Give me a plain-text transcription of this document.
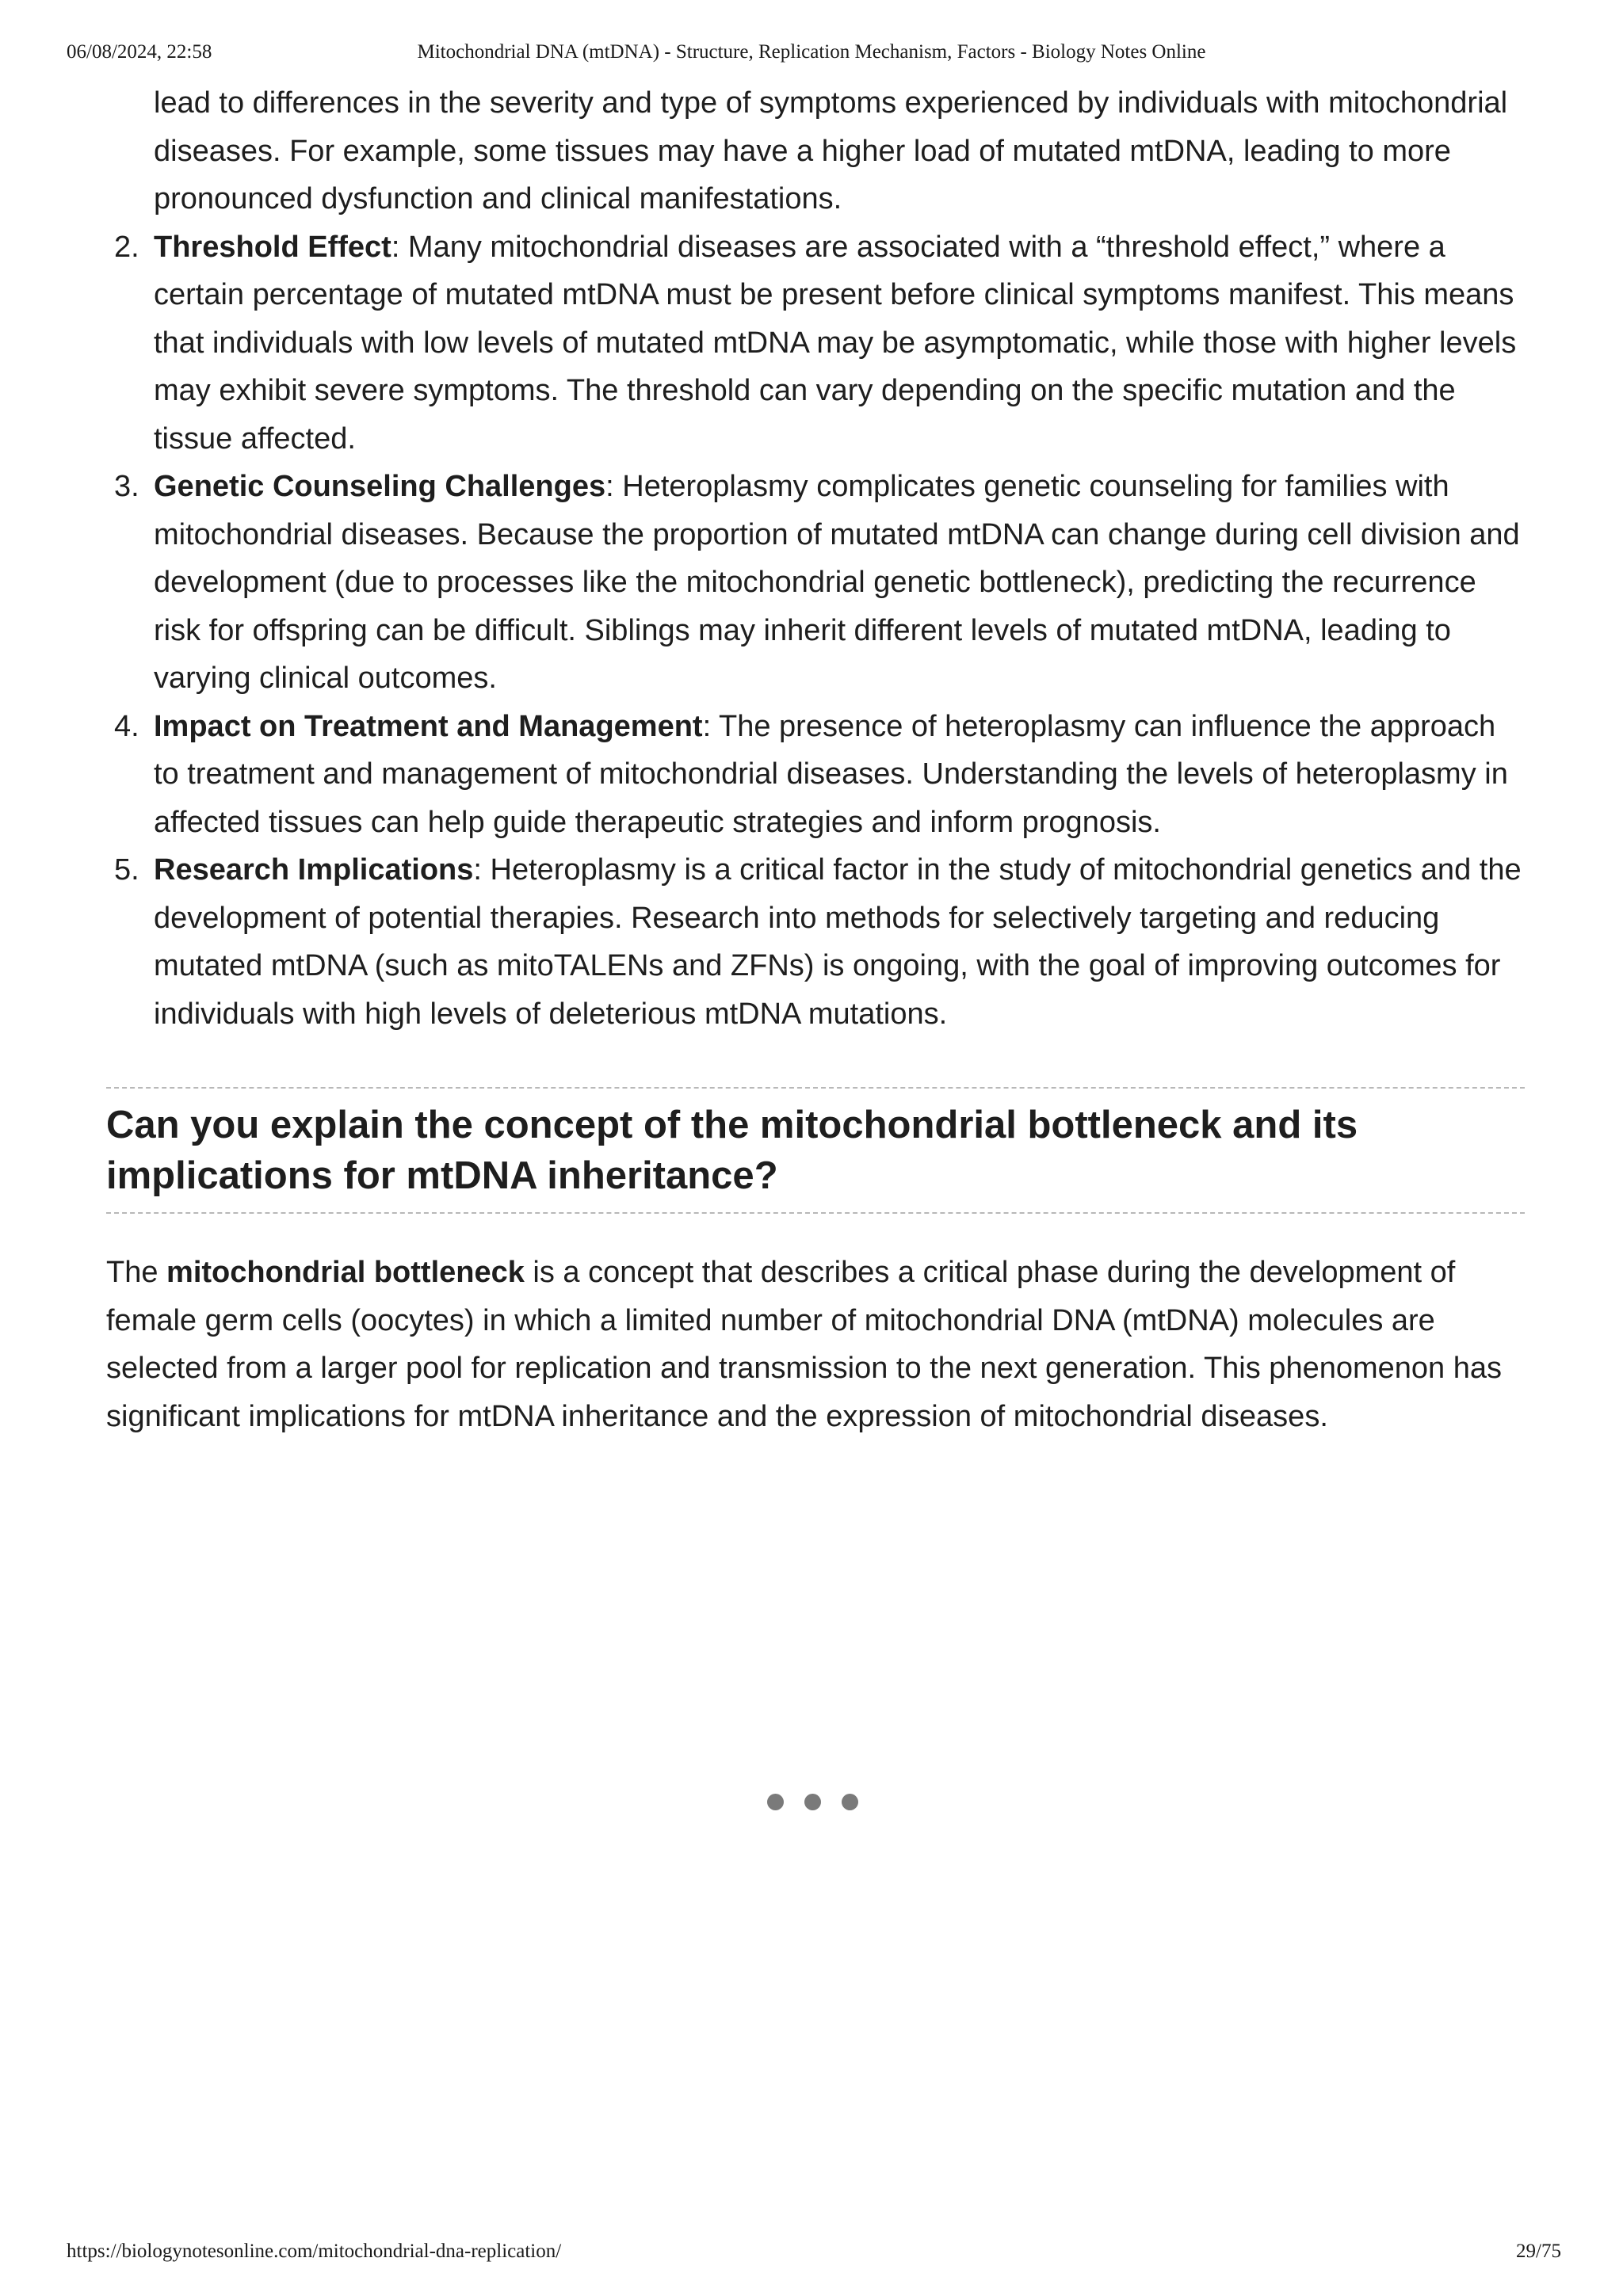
06/08/2024, 22:58	Mitochondrial DNA (mtDNA) - Structure, Replication Mechanism, Factors - Biology Notes Online
lead to differences in the severity and type of symptoms experienced by individuals with mitochondrial diseases. For example, some tissues may have a higher load of mutated mtDNA, leading to more pronounced dysfunction and clinical manifestations.
2. Threshold Effect: Many mitochondrial diseases are associated with a “threshold effect,” where a certain percentage of mutated mtDNA must be present before clinical symptoms manifest. This means that individuals with low levels of mutated mtDNA may be asymptomatic, while those with higher levels may exhibit severe symptoms. The threshold can vary depending on the specific mutation and the tissue affected.
3. Genetic Counseling Challenges: Heteroplasmy complicates genetic counseling for families with mitochondrial diseases. Because the proportion of mutated mtDNA can change during cell division and development (due to processes like the mitochondrial genetic bottleneck), predicting the recurrence risk for offspring can be difficult. Siblings may inherit different levels of mutated mtDNA, leading to varying clinical outcomes.
4. Impact on Treatment and Management: The presence of heteroplasmy can influence the approach to treatment and management of mitochondrial diseases. Understanding the levels of heteroplasmy in affected tissues can help guide therapeutic strategies and inform prognosis.
5. Research Implications: Heteroplasmy is a critical factor in the study of mitochondrial genetics and the development of potential therapies. Research into methods for selectively targeting and reducing mutated mtDNA (such as mitoTALENs and ZFNs) is ongoing, with the goal of improving outcomes for individuals with high levels of deleterious mtDNA mutations.
Can you explain the concept of the mitochondrial bottleneck and its implications for mtDNA inheritance?

The mitochondrial bottleneck is a concept that describes a critical phase during the development of female germ cells (oocytes) in which a limited number of mitochondrial DNA (mtDNA) molecules are selected from a larger pool for replication and transmission to the next generation. This phenomenon has significant implications for mtDNA inheritance and the expression of mitochondrial diseases.

https://biologynotesonline.com/mitochondrial-dna-replication/	29/75
